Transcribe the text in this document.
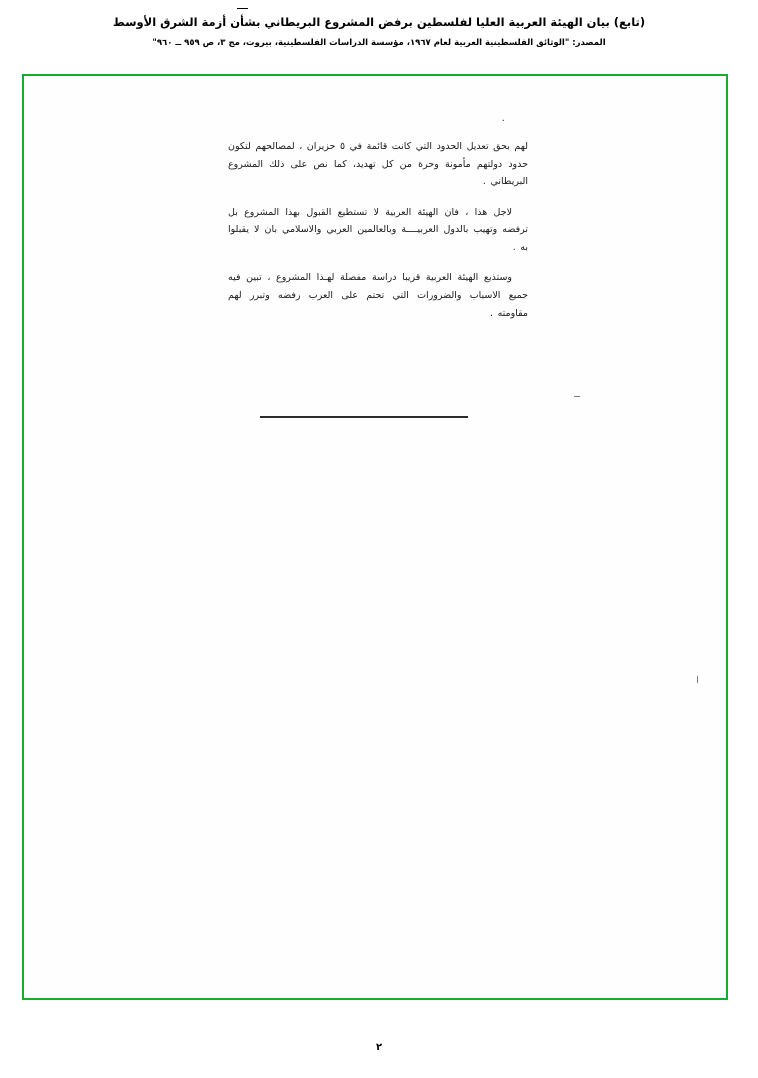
(تابع) بيان الهيئة العربية العليا لفلسطين برفض المشروع البريطاني بشأن أزمة الشرق الأوسط
المصدر: "الوثائق الفلسطينية العربية لعام ١٩٦٧، مؤسسة الدراسات الفلسطينية، بيروت، مج ٣، ص ٩٥٩ ــ ٩٦٠"
٠

لهم بحق تعديل الحدود التي كانت قائمة في ٥ حزيران ، لمصالحهم لتكون حدود دولتهم مأمونة وحرة من كل تهديد، كما نص على ذلك المشروع البريطاني .

لاجل هذا ، فان الهيئة العربية لا تستطيع القبول بهذا المشروع بل ترفضه وتهيب بالدول العربيــــة وبالعالمين العربي والاسلامي بان لا يقبلوا به .

وستذيع الهيئة العربية قريبا دراسة مفصلة لهـذا المشروع ، تبين فيه جميع الاسباب والضرورات التي تحتم على العرب رفضه وتبرر لهم مقاومته .

٢
